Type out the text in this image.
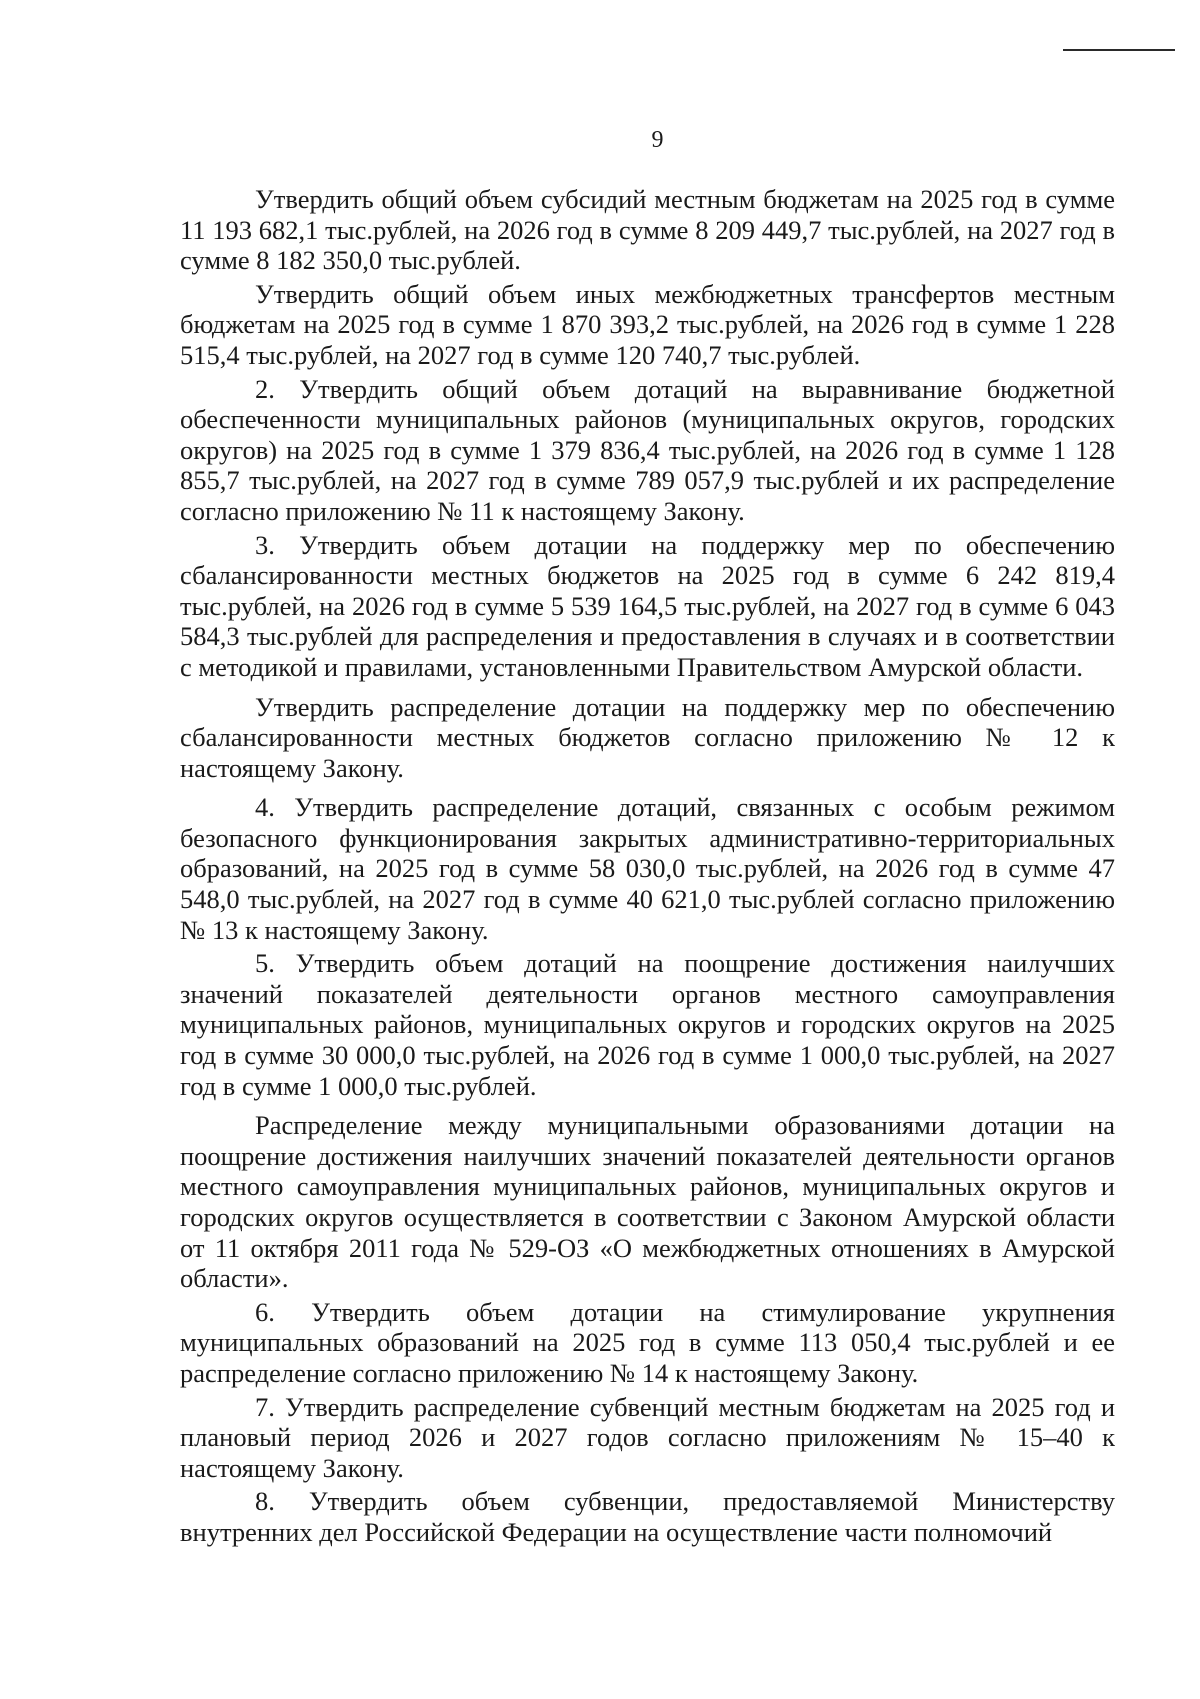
9

Утвердить общий объем субсидий местным бюджетам на 2025 год в сумме 11 193 682,1 тыс.рублей, на 2026 год в сумме 8 209 449,7 тыс.рублей, на 2027 год в сумме 8 182 350,0 тыс.рублей.

Утвердить общий объем иных межбюджетных трансфертов местным бюджетам на 2025 год в сумме 1 870 393,2 тыс.рублей, на 2026 год в сумме 1 228 515,4 тыс.рублей, на 2027 год в сумме 120 740,7 тыс.рублей.

2. Утвердить общий объем дотаций на выравнивание бюджетной обеспеченности муниципальных районов (муниципальных округов, городских округов) на 2025 год в сумме 1 379 836,4 тыс.рублей, на 2026 год в сумме 1 128 855,7 тыс.рублей, на 2027 год в сумме 789 057,9 тыс.рублей и их распределение согласно приложению № 11 к настоящему Закону.

3. Утвердить объем дотации на поддержку мер по обеспечению сбалансированности местных бюджетов на 2025 год в сумме 6 242 819,4 тыс.рублей, на 2026 год в сумме 5 539 164,5 тыс.рублей, на 2027 год в сумме 6 043 584,3 тыс.рублей для распределения и предоставления в случаях и в соответствии с методикой и правилами, установленными Правительством Амурской области.

Утвердить распределение дотации на поддержку мер по обеспечению сбалансированности местных бюджетов согласно приложению № 12 к настоящему Закону.

4. Утвердить распределение дотаций, связанных с особым режимом безопасного функционирования закрытых административно-территориальных образований, на 2025 год в сумме 58 030,0 тыс.рублей, на 2026 год в сумме 47 548,0 тыс.рублей, на 2027 год в сумме 40 621,0 тыс.рублей согласно приложению № 13 к настоящему Закону.

5. Утвердить объем дотаций на поощрение достижения наилучших значений показателей деятельности органов местного самоуправления муниципальных районов, муниципальных округов и городских округов на 2025 год в сумме 30 000,0 тыс.рублей, на 2026 год в сумме 1 000,0 тыс.рублей, на 2027 год в сумме 1 000,0 тыс.рублей.

Распределение между муниципальными образованиями дотации на поощрение достижения наилучших значений показателей деятельности органов местного самоуправления муниципальных районов, муниципальных округов и городских округов осуществляется в соответствии с Законом Амурской области от 11 октября 2011 года № 529-ОЗ «О межбюджетных отношениях в Амурской области».

6. Утвердить объем дотации на стимулирование укрупнения муниципальных образований на 2025 год в сумме 113 050,4 тыс.рублей и ее распределение согласно приложению № 14 к настоящему Закону.

7. Утвердить распределение субвенций местным бюджетам на 2025 год и плановый период 2026 и 2027 годов согласно приложениям № 15–40 к настоящему Закону.

8. Утвердить объем субвенции, предоставляемой Министерству внутренних дел Российской Федерации на осуществление части полномочий
